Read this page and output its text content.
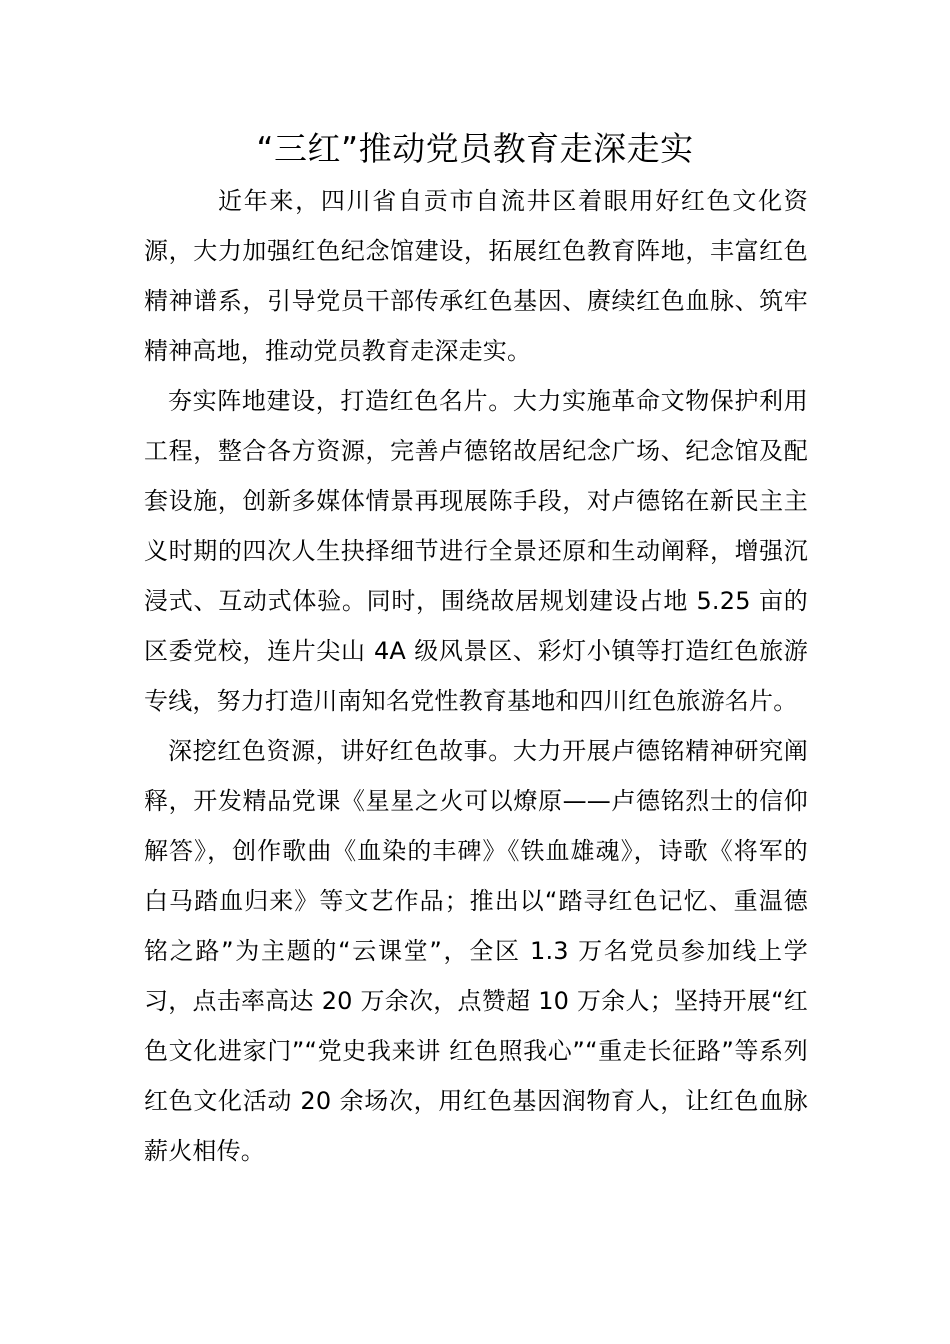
“三红”推动党员教育走深走实

近年来，四川省自贡市自流井区着眼用好红色文化资源，大力加强红色纪念馆建设，拓展红色教育阵地，丰富红色精神谱系，引导党员干部传承红色基因、赓续红色血脉、筑牢精神高地，推动党员教育走深走实。

夯实阵地建设，打造红色名片。大力实施革命文物保护利用工程，整合各方资源，完善卢德铭故居纪念广场、纪念馆及配套设施，创新多媒体情景再现展陈手段，对卢德铭在新民主主义时期的四次人生抉择细节进行全景还原和生动阐释，增强沉浸式、互动式体验。同时，围绕故居规划建设占地 5.25 亩的区委党校，连片尖山 4A 级风景区、彩灯小镇等打造红色旅游专线，努力打造川南知名党性教育基地和四川红色旅游名片。

深挖红色资源，讲好红色故事。大力开展卢德铭精神研究阐释，开发精品党课《星星之火可以燎原——卢德铭烈士的信仰解答》，创作歌曲《血染的丰碑》《铁血雄魂》，诗歌《将军的白马踏血归来》等文艺作品；推出以“踏寻红色记忆、重温德铭之路”为主题的“云课堂”，全区 1.3 万名党员参加线上学习，点击率高达 20 万余次，点赞超 10 万余人；坚持开展“红色文化进家门”“党史我来讲 红色照我心”“重走长征路”等系列红色文化活动 20 余场次，用红色基因润物育人，让红色血脉薪火相传。
